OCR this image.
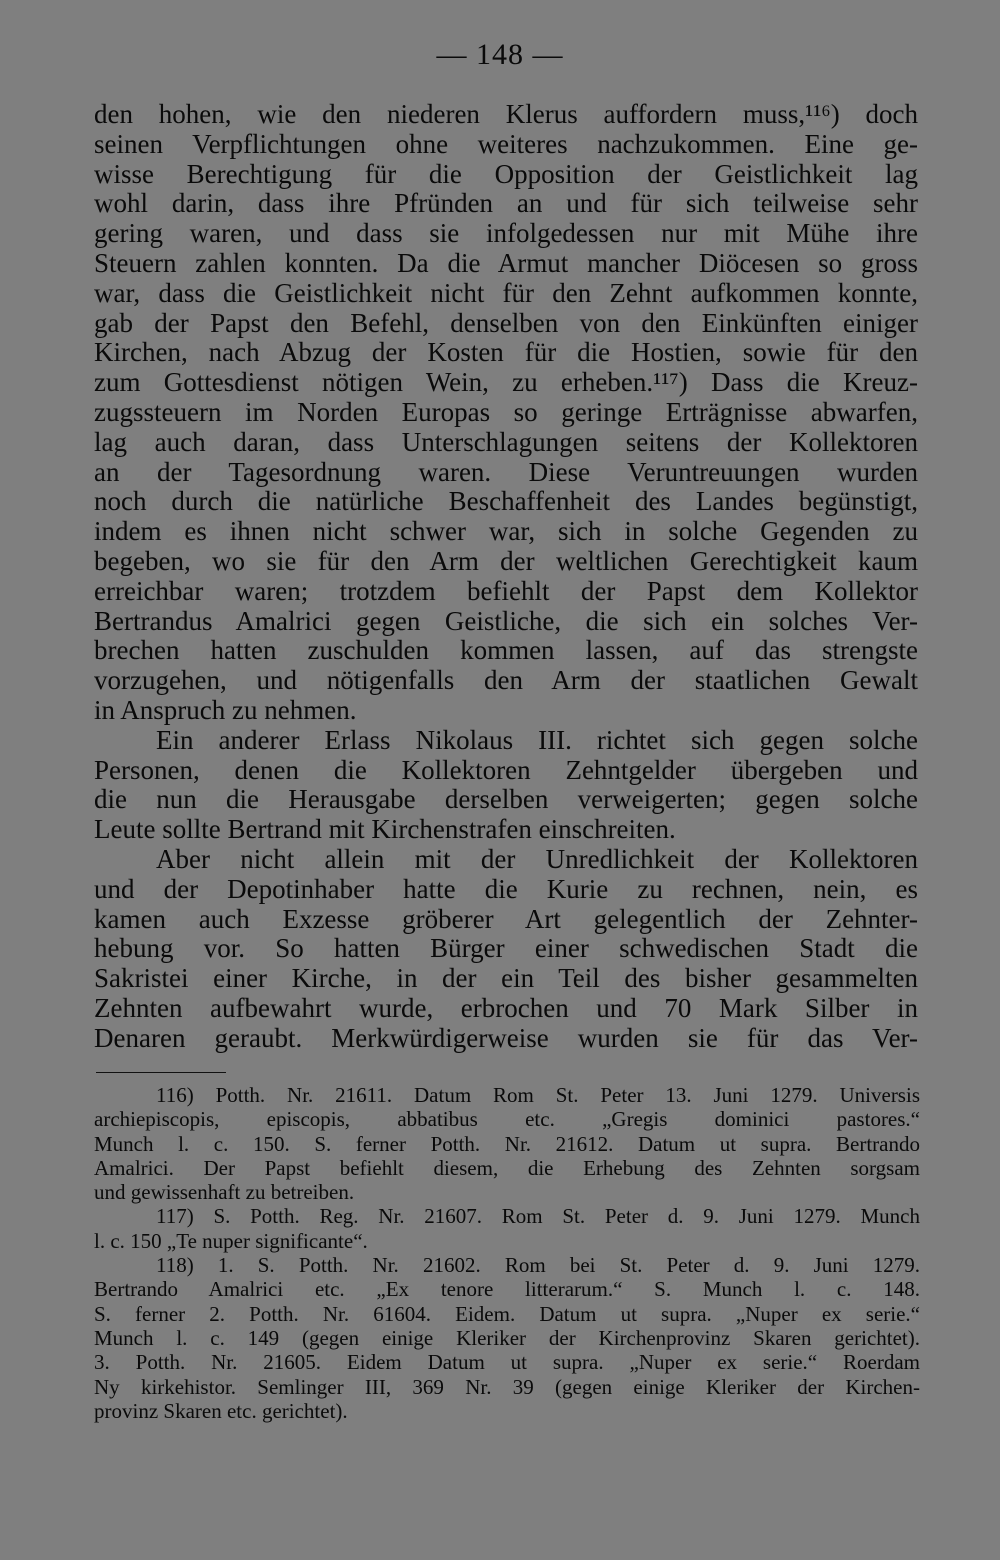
— 148 —
den hohen, wie den niederen Klerus auffordern muss,¹¹⁶) doch
seinen Verpflichtungen ohne weiteres nachzukommen. Eine ge-
wisse Berechtigung für die Opposition der Geistlichkeit lag
wohl darin, dass ihre Pfründen an und für sich teilweise sehr
gering waren, und dass sie infolgedessen nur mit Mühe ihre
Steuern zahlen konnten. Da die Armut mancher Diöcesen so gross
war, dass die Geistlichkeit nicht für den Zehnt aufkommen konnte,
gab der Papst den Befehl, denselben von den Einkünften einiger
Kirchen, nach Abzug der Kosten für die Hostien, sowie für den
zum Gottesdienst nötigen Wein, zu erheben.¹¹⁷) Dass die Kreuz-
zugssteuern im Norden Europas so geringe Erträgnisse abwarfen,
lag auch daran, dass Unterschlagungen seitens der Kollektoren
an der Tagesordnung waren. Diese Veruntreuungen wurden
noch durch die natürliche Beschaffenheit des Landes begünstigt,
indem es ihnen nicht schwer war, sich in solche Gegenden zu
begeben, wo sie für den Arm der weltlichen Gerechtigkeit kaum
erreichbar waren; trotzdem befiehlt der Papst dem Kollektor
Bertrandus Amalrici gegen Geistliche, die sich ein solches Ver-
brechen hatten zuschulden kommen lassen, auf das strengste
vorzugehen, und nötigenfalls den Arm der staatlichen Gewalt
in Anspruch zu nehmen.
Ein anderer Erlass Nikolaus III. richtet sich gegen solche
Personen, denen die Kollektoren Zehntgelder übergeben und
die nun die Herausgabe derselben verweigerten; gegen solche
Leute sollte Bertrand mit Kirchenstrafen einschreiten.
Aber nicht allein mit der Unredlichkeit der Kollektoren
und der Depotinhaber hatte die Kurie zu rechnen, nein, es
kamen auch Exzesse gröberer Art gelegentlich der Zehnter-
hebung vor. So hatten Bürger einer schwedischen Stadt die
Sakristei einer Kirche, in der ein Teil des bisher gesammelten
Zehnten aufbewahrt wurde, erbrochen und 70 Mark Silber in
Denaren geraubt. Merkwürdigerweise wurden sie für das Ver-
116) Potth. Nr. 21611. Datum Rom St. Peter 13. Juni 1279. Universis
archiepiscopis, episcopis, abbatibus etc. „Gregis dominici pastores.“
Munch l. c. 150. S. ferner Potth. Nr. 21612. Datum ut supra. Bertrando
Amalrici. Der Papst befiehlt diesem, die Erhebung des Zehnten sorgsam
und gewissenhaft zu betreiben.
117) S. Potth. Reg. Nr. 21607. Rom St. Peter d. 9. Juni 1279. Munch
l. c. 150 „Te nuper significante“.
118) 1. S. Potth. Nr. 21602. Rom bei St. Peter d. 9. Juni 1279.
Bertrando Amalrici etc. „Ex tenore litterarum.“ S. Munch l. c. 148.
S. ferner 2. Potth. Nr. 61604. Eidem. Datum ut supra. „Nuper ex serie.“
Munch l. c. 149 (gegen einige Kleriker der Kirchenprovinz Skaren gerichtet).
3. Potth. Nr. 21605. Eidem Datum ut supra. „Nuper ex serie.“ Roerdam
Ny kirkehistor. Semlinger III, 369 Nr. 39 (gegen einige Kleriker der Kirchen-
provinz Skaren etc. gerichtet).
